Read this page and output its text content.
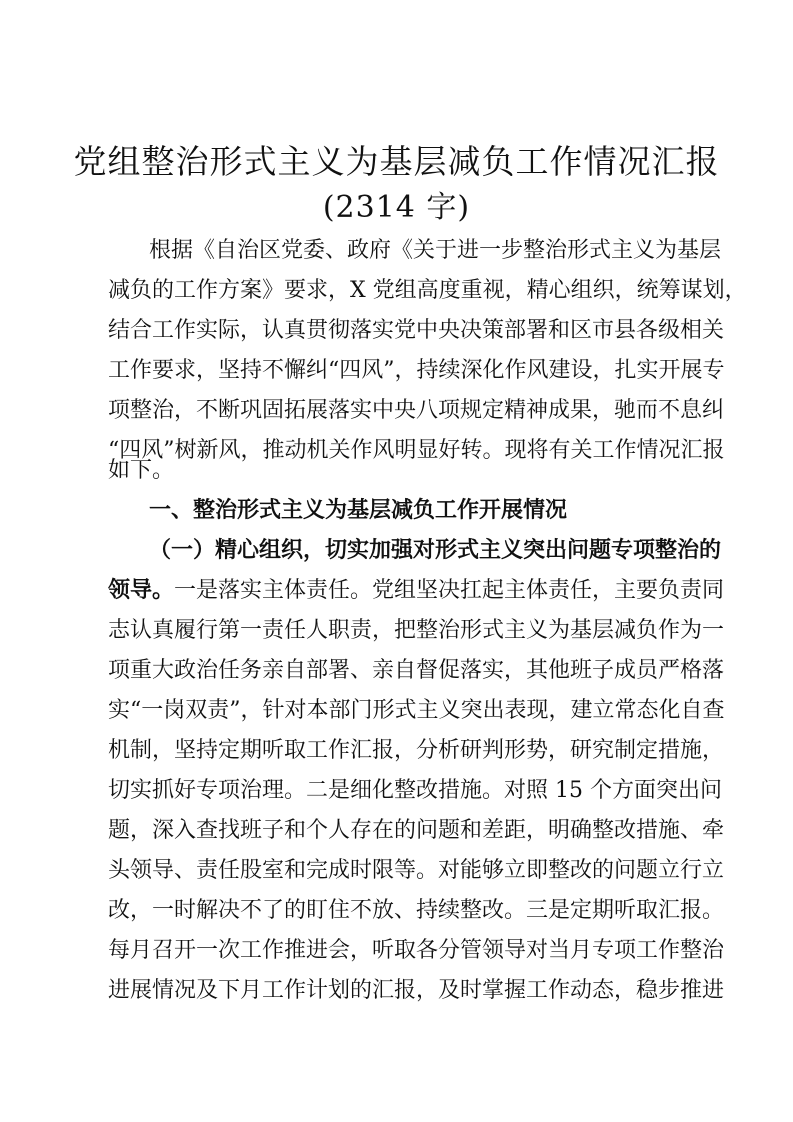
党组整治形式主义为基层减负工作情况汇报
(2314 字)
根据《自治区党委、政府《关于进一步整治形式主义为基层
减负的工作方案》要求，X 党组高度重视，精心组织，统筹谋划，
结合工作实际，认真贯彻落实党中央决策部署和区市县各级相关
工作要求，坚持不懈纠“四风”，持续深化作风建设，扎实开展专
项整治，不断巩固拓展落实中央八项规定精神成果，驰而不息纠
“四风”树新风，推动机关作风明显好转。现将有关工作情况汇报
如下。
一、整治形式主义为基层减负工作开展情况
（一）精心组织，切实加强对形式主义突出问题专项整治的
领导。一是落实主体责任。党组坚决扛起主体责任，主要负责同
志认真履行第一责任人职责，把整治形式主义为基层减负作为一
项重大政治任务亲自部署、亲自督促落实，其他班子成员严格落
实“一岗双责”，针对本部门形式主义突出表现，建立常态化自查
机制，坚持定期听取工作汇报，分析研判形势，研究制定措施，
切实抓好专项治理。二是细化整改措施。对照 15 个方面突出问
题，深入查找班子和个人存在的问题和差距，明确整改措施、牵
头领导、责任股室和完成时限等。对能够立即整改的问题立行立
改，一时解决不了的盯住不放、持续整改。三是定期听取汇报。
每月召开一次工作推进会，听取各分管领导对当月专项工作整治
进展情况及下月工作计划的汇报，及时掌握工作动态，稳步推进
